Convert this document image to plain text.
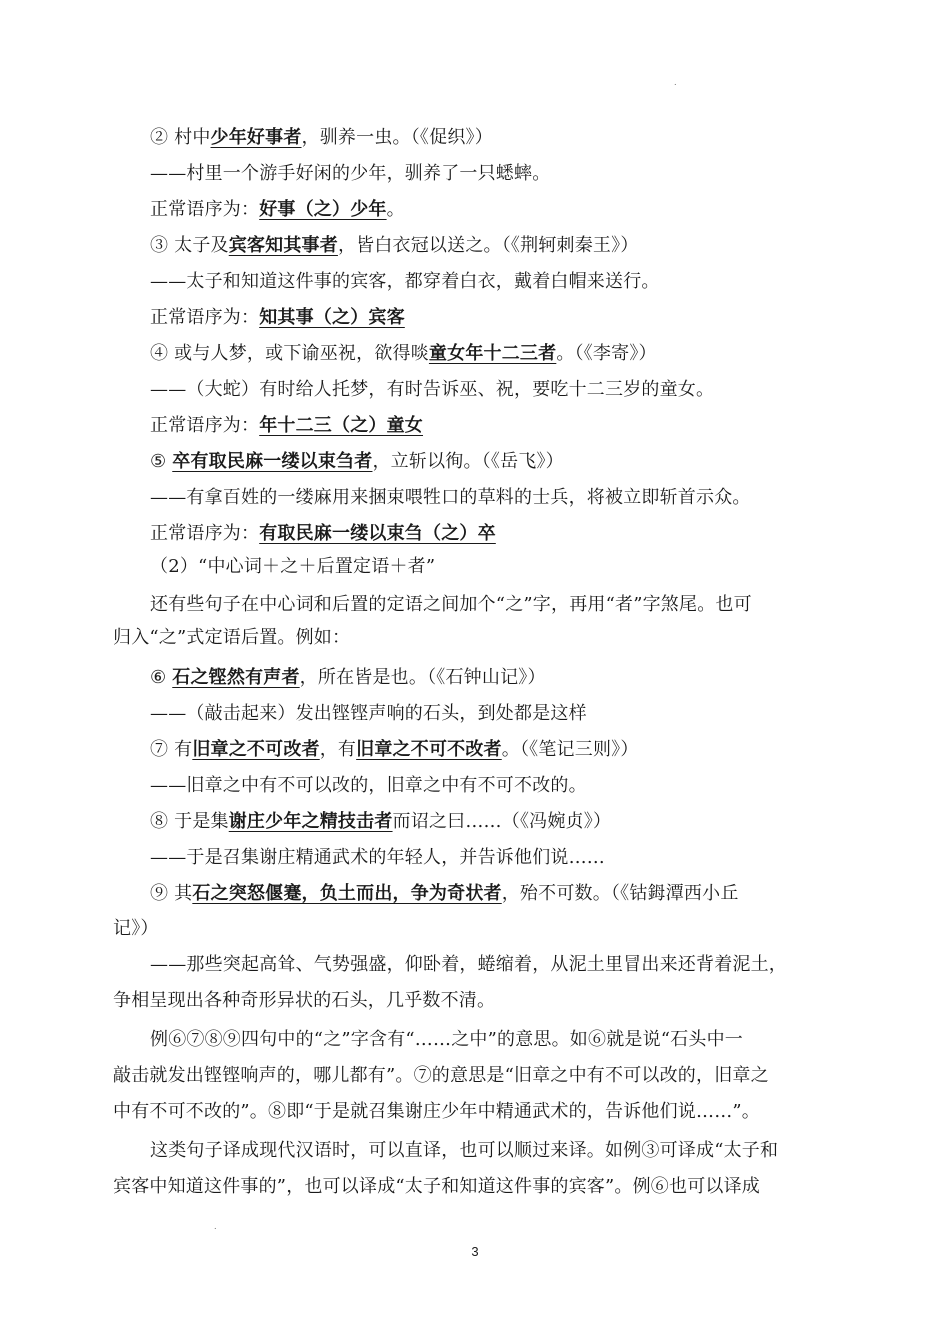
.
② 村中少年好事者，驯养一虫。（《促织》）
——村里一个游手好闲的少年，驯养了一只蟋蟀。
正常语序为：好事（之）少年。
③ 太子及宾客知其事者，皆白衣冠以送之。（《荆轲刺秦王》）
——太子和知道这件事的宾客，都穿着白衣，戴着白帽来送行。
正常语序为：知其事（之）宾客
④ 或与人梦，或下谕巫祝，欲得啖童女年十二三者。（《李寄》）
——（大蛇）有时给人托梦，有时告诉巫、祝，要吃十二三岁的童女。
正常语序为：年十二三（之）童女
⑤ 卒有取民麻一缕以束刍者，立斩以徇。（《岳飞》）
——有拿百姓的一缕麻用来捆束喂牲口的草料的士兵，将被立即斩首示众。
正常语序为：有取民麻一缕以束刍（之）卒
（2）“中心词＋之＋后置定语＋者”
还有些句子在中心词和后置的定语之间加个“之”字，再用“者”字煞尾。也可
归入“之”式定语后置。例如：
⑥ 石之铿然有声者，所在皆是也。（《石钟山记》）
——（敲击起来）发出铿铿声响的石头，到处都是这样
⑦ 有旧章之不可改者，有旧章之不可不改者。（《笔记三则》）
——旧章之中有不可以改的，旧章之中有不可不改的。
⑧ 于是集谢庄少年之精技击者而诏之曰……（《冯婉贞》）
——于是召集谢庄精通武术的年轻人，并告诉他们说……
⑨ 其石之突怒偃蹇，负土而出，争为奇状者，殆不可数。（《钴鉧潭西小丘
记》）
——那些突起高耸、气势强盛，仰卧着，蜷缩着，从泥土里冒出来还背着泥土，
争相呈现出各种奇形异状的石头，几乎数不清。
例⑥⑦⑧⑨四句中的“之”字含有“……之中”的意思。如⑥就是说“石头中一
敲击就发出铿铿响声的，哪儿都有”。⑦的意思是“旧章之中有不可以改的，旧章之
中有不可不改的”。⑧即“于是就召集谢庄少年中精通武术的，告诉他们说……”。
这类句子译成现代汉语时，可以直译，也可以顺过来译。如例③可译成“太子和
宾客中知道这件事的”，也可以译成“太子和知道这件事的宾客”。例⑥也可以译成
.
3
